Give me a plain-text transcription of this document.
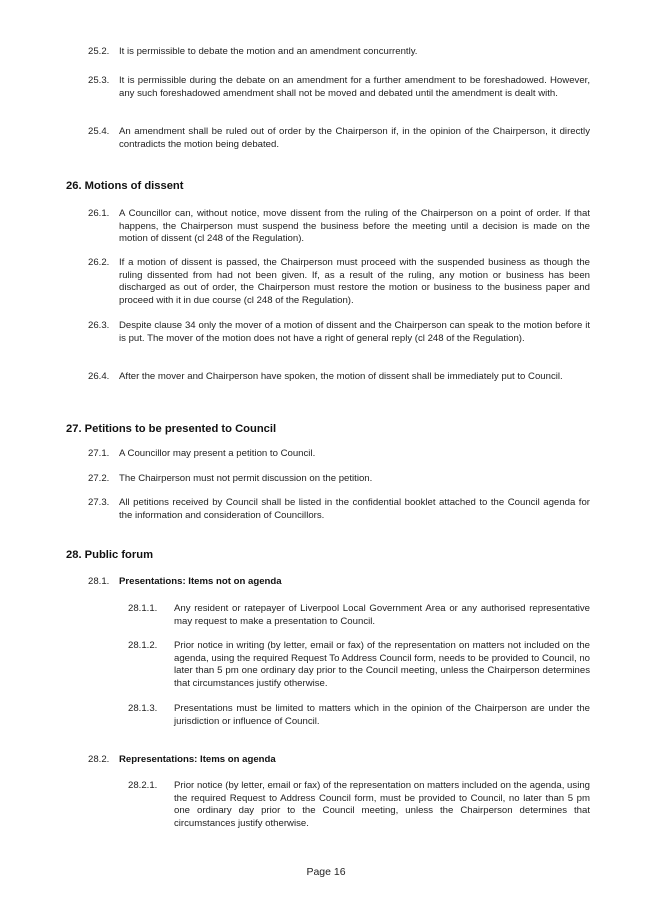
25.2. It is permissible to debate the motion and an amendment concurrently.
25.3. It is permissible during the debate on an amendment for a further amendment to be foreshadowed. However, any such foreshadowed amendment shall not be moved and debated until the amendment is dealt with.
25.4. An amendment shall be ruled out of order by the Chairperson if, in the opinion of the Chairperson, it directly contradicts the motion being debated.
26. Motions of dissent
26.1. A Councillor can, without notice, move dissent from the ruling of the Chairperson on a point of order. If that happens, the Chairperson must suspend the business before the meeting until a decision is made on the motion of dissent (cl 248 of the Regulation).
26.2. If a motion of dissent is passed, the Chairperson must proceed with the suspended business as though the ruling dissented from had not been given. If, as a result of the ruling, any motion or business has been discharged as out of order, the Chairperson must restore the motion or business to the business paper and proceed with it in due course (cl 248 of the Regulation).
26.3. Despite clause 34 only the mover of a motion of dissent and the Chairperson can speak to the motion before it is put. The mover of the motion does not have a right of general reply (cl 248 of the Regulation).
26.4. After the mover and Chairperson have spoken, the motion of dissent shall be immediately put to Council.
27. Petitions to be presented to Council
27.1. A Councillor may present a petition to Council.
27.2. The Chairperson must not permit discussion on the petition.
27.3. All petitions received by Council shall be listed in the confidential booklet attached to the Council agenda for the information and consideration of Councillors.
28. Public forum
28.1. Presentations: Items not on agenda
28.1.1. Any resident or ratepayer of Liverpool Local Government Area or any authorised representative may request to make a presentation to Council.
28.1.2. Prior notice in writing (by letter, email or fax) of the representation on matters not included on the agenda, using the required Request To Address Council form, needs to be provided to Council, no later than 5 pm one ordinary day prior to the Council meeting, unless the Chairperson determines that circumstances justify otherwise.
28.1.3. Presentations must be limited to matters which in the opinion of the Chairperson are under the jurisdiction or influence of Council.
28.2. Representations: Items on agenda
28.2.1. Prior notice (by letter, email or fax) of the representation on matters included on the agenda, using the required Request to Address Council form, must be provided to Council, no later than 5 pm one ordinary day prior to the Council meeting, unless the Chairperson determines that circumstances justify otherwise.
Page 16
